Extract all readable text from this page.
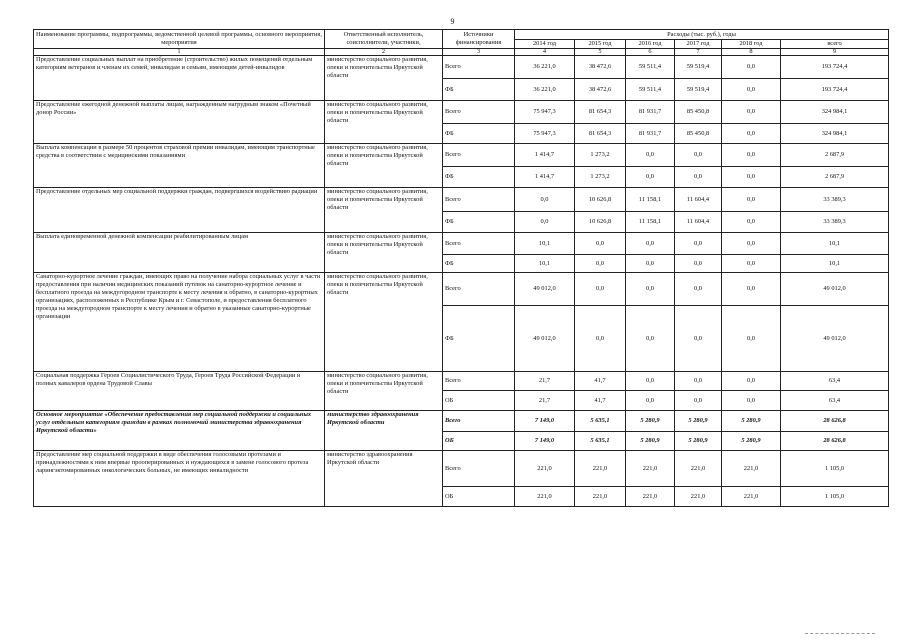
9
Наименование программы, подпрограммы, ведомственной целевой программы, основного мероприятия, мероприятия	Ответственный исполнитель, соисполнители, участники,	Источники финансирования	Расходы (тыс. руб.), годы					
			2014 год	2015 год	2016 год	2017 год	2018 год	всего
1	2	3	4	5	6	7	8	9
Предоставление социальных выплат на приобретение (строительство) жилых помещений отдельным категориям ветеранов и членам их семей, инвалидам и семьям, имеющим детей-инвалидов	министерство социального развития, опеки и попечительства Иркутской области	Всего	36 221,0	38 472,6	59 511,4	59 519,4	0,0	193 724,4
		ФБ	36 221,0	38 472,6	59 511,4	59 519,4	0,0	193 724,4
Предоставление ежегодной денежной выплаты лицам, награжденным нагрудным знаком «Почетный донор России»	министерство социального развития, опеки и попечительства Иркутской области	Всего	75 947,3	81 654,3	81 931,7	85 450,8	0,0	324 984,1
		ФБ	75 947,3	81 654,3	81 931,7	85 450,8	0,0	324 984,1
Выплата компенсации в размере 50 процентов страховой премии инвалидам, имеющим транспортные средства в соответствии с медицинскими показаниями	министерство социального развития, опеки и попечительства Иркутской области	Всего	1 414,7	1 273,2	0,0	0,0	0,0	2 687,9
		ФБ	1 414,7	1 273,2	0,0	0,0	0,0	2 687,9
Предоставление отдельных мер социальной поддержки граждан, подвергшихся воздействию радиации	министерство социального развития, опеки и попечительства Иркутской области	Всего	0,0	10 626,8	11 158,1	11 604,4	0,0	33 389,3
		ФБ	0,0	10 626,8	11 158,1	11 604,4	0,0	33 389,3
Выплата единовременной денежной компенсации реабилитированным лицам	министерство социального развития, опеки и попечительства Иркутской области	Всего	10,1	0,0	0,0	0,0	0,0	10,1
		ФБ	10,1	0,0	0,0	0,0	0,0	10,1
Санаторно-курортное лечение граждан, имеющих право на получение набора социальных услуг в части предоставления при наличии медицинских показаний путевок на санаторно-курортное лечение и бесплатного проезда на междугородном транспорте к месту лечения и обратно, в санаторно-курортных организациях, расположенных в Республике Крым и г. Севастополе, и предоставления бесплатного проезда на междугородном транспорте к месту лечения и обратно в указанные санаторно-курортные организации	министерство социального развития, опеки и попечительства Иркутской области	Всего	49 012,0	0,0	0,0	0,0	0,0	49 012,0
		ФБ	49 012,0	0,0	0,0	0,0	0,0	49 012,0
Социальная поддержка Героев Социалистического Труда, Героев Труда Российской Федерации и полных кавалеров ордена Трудовой Славы	министерство социального развития, опеки и попечительства Иркутской области	Всего	21,7	41,7	0,0	0,0	0,0	63,4
		ОБ	21,7	41,7	0,0	0,0	0,0	63,4
Основное мероприятие «Обеспечение предоставления мер социальной поддержки и социальных услуг отдельным категориям граждан в рамках полномочий министерства здравоохранения Иркутской области»	министерство здравоохранения Иркутской области	Всего	7 149,0	5 635,1	5 280,9	5 280,9	5 280,9	28 626,8
		ОБ	7 149,0	5 635,1	5 280,9	5 280,9	5 280,9	28 626,8
Предоставление мер социальной поддержки в виде обеспечения голосовыми протезами и принадлежностями к ним впервые прооперированных и нуждающихся в замене голосового протеза ларингэктомированных онкологических больных, не имеющих инвалидности	министерство здравоохранения Иркутской области	Всего	221,0	221,0	221,0	221,0	221,0	1 105,0
		ОБ	221,0	221,0	221,0	221,0	221,0	1 105,0
